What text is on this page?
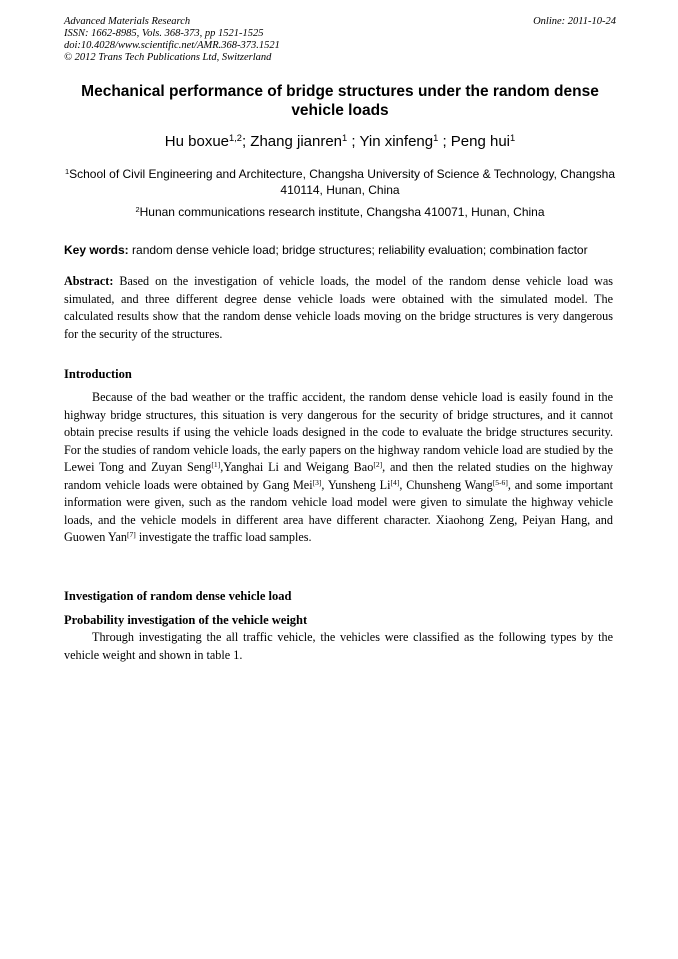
Advanced Materials Research
ISSN: 1662-8985, Vols. 368-373, pp 1521-1525
doi:10.4028/www.scientific.net/AMR.368-373.1521
© 2012 Trans Tech Publications Ltd, Switzerland
Online: 2011-10-24
Mechanical performance of bridge structures under the random dense vehicle loads
Hu boxue$^{1,2}$; Zhang jianren$^1$ ; Yin xinfeng$^1$ ; Peng hui$^1$
$^1$School of Civil Engineering and Architecture, Changsha University of Science & Technology, Changsha 410114, Hunan, China
$^2$Hunan communications research institute, Changsha 410071, Hunan, China
Key words: random dense vehicle load; bridge structures; reliability evaluation; combination factor

Abstract: Based on the investigation of vehicle loads, the model of the random dense vehicle load was simulated, and three different degree dense vehicle loads were obtained with the simulated model. The calculated results show that the random dense vehicle loads moving on the bridge structures is very dangerous for the security of the structures.

Introduction

Because of the bad weather or the traffic accident, the random dense vehicle load is easily found in the highway bridge structures, this situation is very dangerous for the security of bridge structures, and it cannot obtain precise results if using the vehicle loads designed in the code to evaluate the bridge structures security. For the studies of random vehicle loads, the early papers on the highway random vehicle load are studied by the Lewei Tong and Zuyan Seng[1],Yanghai Li and Weigang Bao[2], and then the related studies on the highway random vehicle loads were obtained by Gang Mei[3], Yunsheng Li[4], Chunsheng Wang[5-6], and some important information were given, such as the random vehicle load model were given to simulate the highway vehicle loads, and the vehicle models in different area have different character. Xiaohong Zeng, Peiyan Hang, and Guowen Yan[7] investigate the traffic load samples.

Investigation of random dense vehicle load
Probability investigation of the vehicle weight

Through investigating the all traffic vehicle, the vehicles were classified as the following types by the vehicle weight and shown in table 1.
